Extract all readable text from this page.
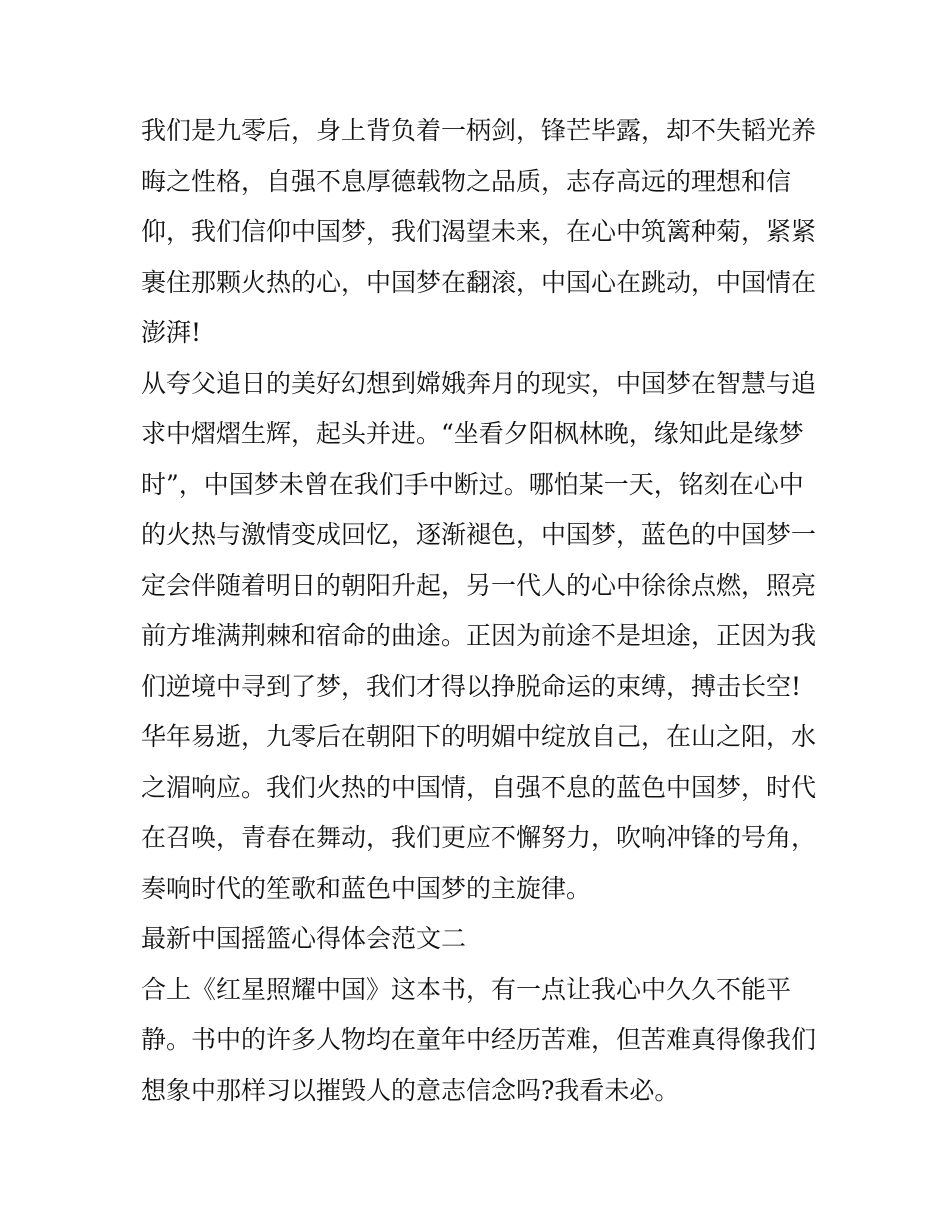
我们是九零后，身上背负着一柄剑，锋芒毕露，却不失韬光养
晦之性格，自强不息厚德载物之品质，志存高远的理想和信
仰，我们信仰中国梦，我们渴望未来，在心中筑篱种菊，紧紧
裹住那颗火热的心，中国梦在翻滚，中国心在跳动，中国情在
澎湃!
从夸父追日的美好幻想到嫦娥奔月的现实，中国梦在智慧与追
求中熠熠生辉，起头并进。“坐看夕阳枫林晚，缘知此是缘梦
时”，中国梦未曾在我们手中断过。哪怕某一天，铭刻在心中
的火热与激情变成回忆，逐渐褪色，中国梦，蓝色的中国梦一
定会伴随着明日的朝阳升起，另一代人的心中徐徐点燃，照亮
前方堆满荆棘和宿命的曲途。正因为前途不是坦途，正因为我
们逆境中寻到了梦，我们才得以挣脱命运的束缚，搏击长空!
华年易逝，九零后在朝阳下的明媚中绽放自己，在山之阳，水
之湄响应。我们火热的中国情，自强不息的蓝色中国梦，时代
在召唤，青春在舞动，我们更应不懈努力，吹响冲锋的号角，
奏响时代的笙歌和蓝色中国梦的主旋律。
最新中国摇篮心得体会范文二
合上《红星照耀中国》这本书，有一点让我心中久久不能平
静。书中的许多人物均在童年中经历苦难，但苦难真得像我们
想象中那样习以摧毁人的意志信念吗?我看未必。
